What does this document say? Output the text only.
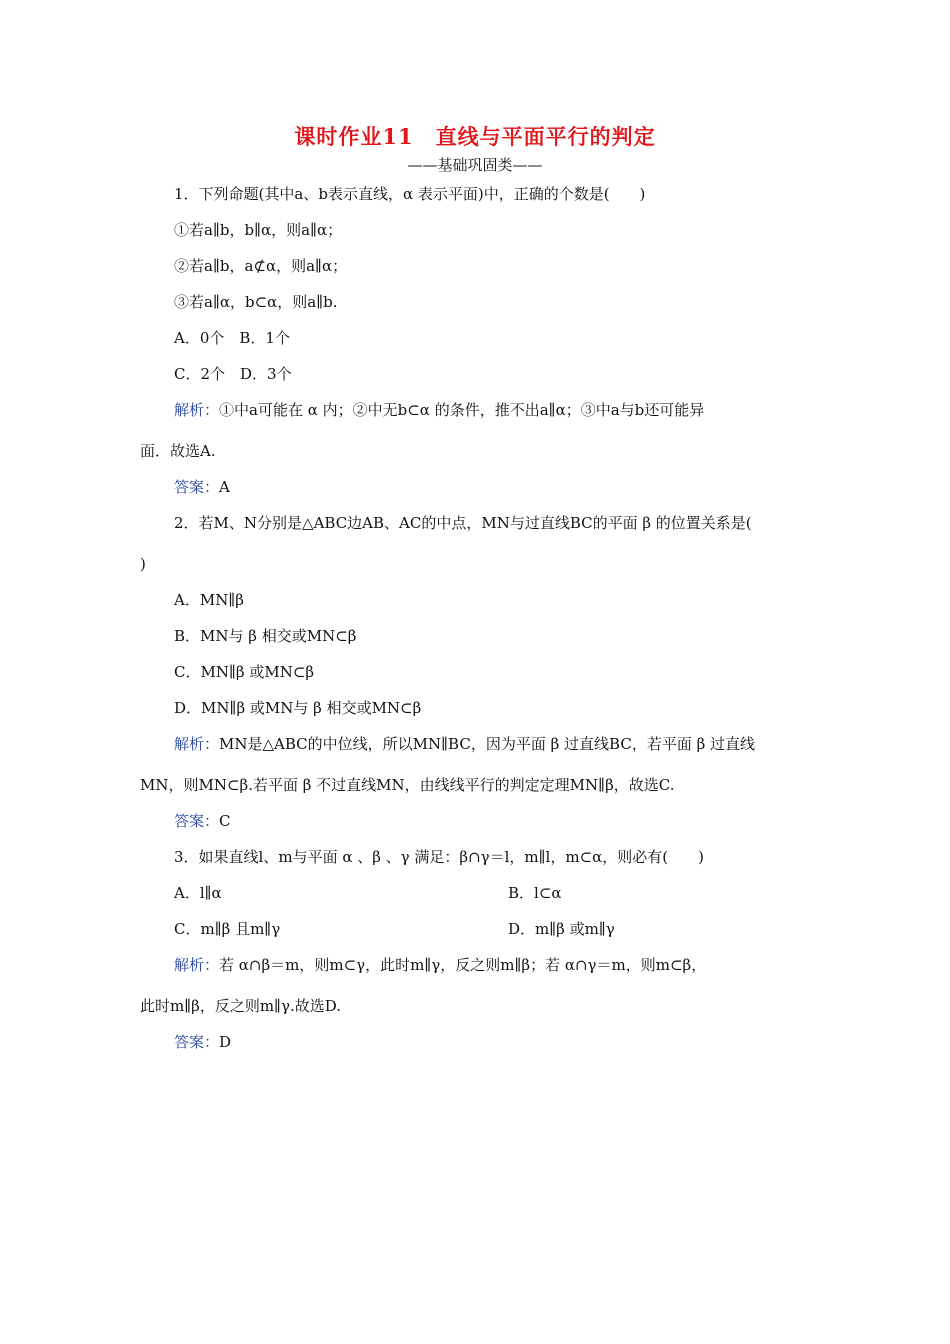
课时作业11　直线与平面平行的判定
——基础巩固类——
1．下列命题(其中a、b表示直线，α 表示平面)中，正确的个数是(　　)
①若a∥b，b∥α，则a∥α；
②若a∥b，a⊄α，则a∥α；
③若a∥α，b⊂α，则a∥b.
A．0个　B．1个
C．2个　D．3个
解析：①中a可能在 α 内；②中无b⊂α 的条件，推不出a∥α；③中a与b还可能异
面．故选A.
答案：A
2．若M、N分别是△ABC边AB、AC的中点，MN与过直线BC的平面 β 的位置关系是(
)
A．MN∥β
B．MN与 β 相交或MN⊂β
C．MN∥β 或MN⊂β
D．MN∥β 或MN与 β 相交或MN⊂β
解析：MN是△ABC的中位线，所以MN∥BC，因为平面 β 过直线BC，若平面 β 过直线
MN，则MN⊂β.若平面 β 不过直线MN，由线线平行的判定定理MN∥β，故选C.
答案：C
3．如果直线l、m与平面 α 、β 、γ 满足：β∩γ＝l，m∥l，m⊂α，则必有(　　)
A．l∥α	B．l⊂α
C．m∥β 且m∥γ	D．m∥β 或m∥γ
解析：若 α∩β＝m，则m⊂γ，此时m∥γ，反之则m∥β；若 α∩γ＝m，则m⊂β，
此时m∥β，反之则m∥γ.故选D.
答案：D
